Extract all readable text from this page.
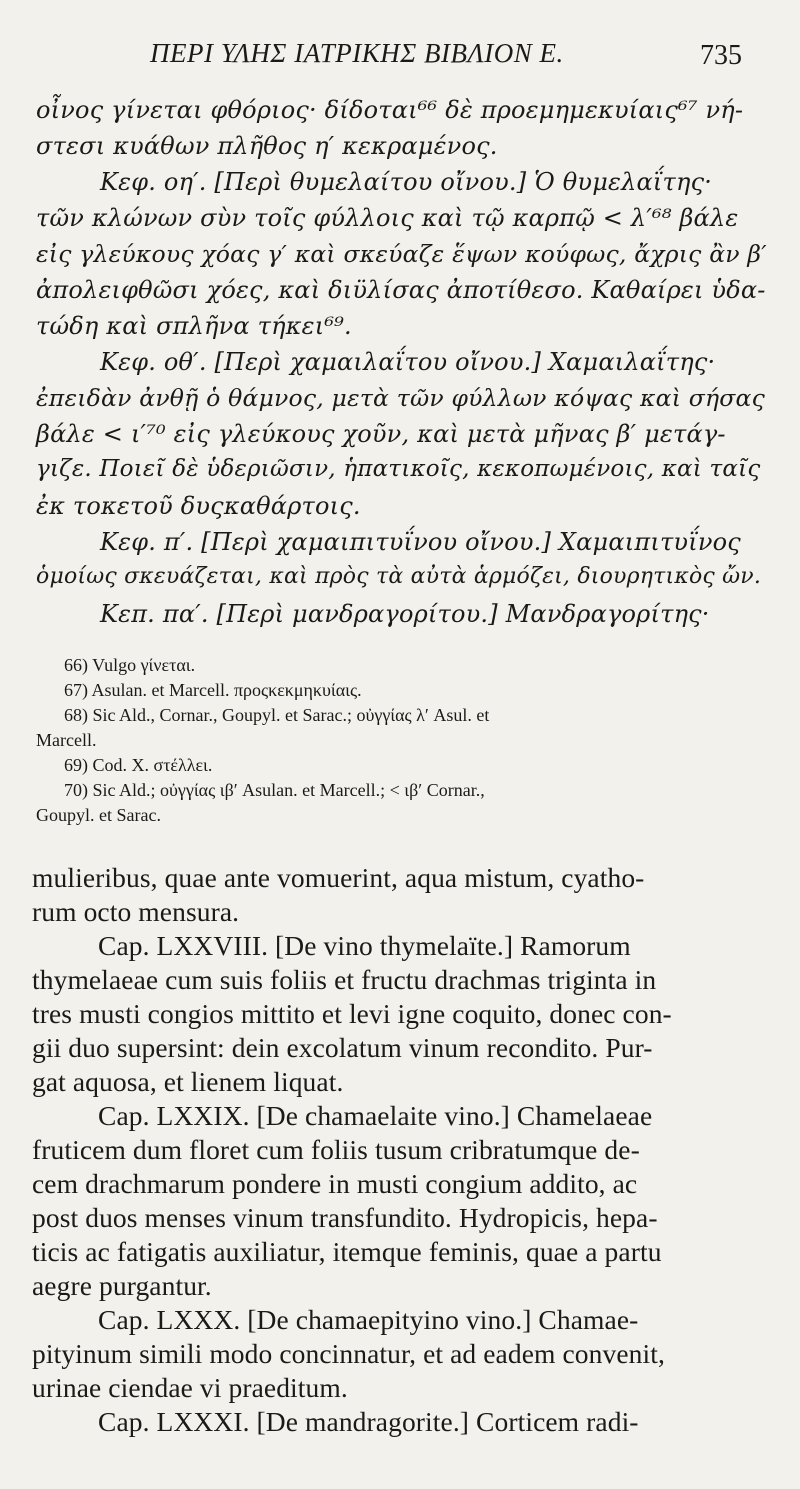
ΠΕΡΙ ΥΛΗΣ ΙΑΤΡΙΚΗΣ ΒΙΒΛΙΟΝ Ε.	735
οἶνος γίνεται φθόριος· δίδοται⁶⁶ δὲ προεμημεκυίαις⁶⁷ νή-
στεσι κυάθων πλῆθος η′ κεκραμένος.
Κεφ. οη′. [Περὶ θυμελαίτου οἴνου.] Ὁ θυμελαΐτης·
τῶν κλώνων σὺν τοῖς φύλλοις καὶ τῷ καρπῷ < λ′⁶⁸ βάλε
εἰς γλεύκους χόας γ′ καὶ σκεύαζε ἕψων κούφως, ἄχρις ἂν β′
ἀπολειφθῶσι χόες, καὶ διϋλίσας ἀποτίθεσο. Καθαίρει ὑδα-
τώδη καὶ σπλῆνα τήκει⁶⁹.
Κεφ. οθ′. [Περὶ χαμαιλαΐτου οἴνου.] Χαμαιλαΐτης·
ἐπειδὰν ἀνθῇ ὁ θάμνος, μετὰ τῶν φύλλων κόψας καὶ σήσας
βάλε < ι′⁷⁰ εἰς γλεύκους χοῦν, καὶ μετὰ μῆνας β′ μετάγ-
γιζε. Ποιεῖ δὲ ὑδεριῶσιν, ἡπατικοῖς, κεκοπωμένοις, καὶ ταῖς
ἐκ τοκετοῦ δυςκαθάρτοις.
Κεφ. π′. [Περὶ χαμαιπιτυΐνου οἴνου.] Χαμαιπιτυΐνος
ὁμοίως σκευάζεται, καὶ πρὸς τὰ αὐτὰ ἁρμόζει, διουρητικὸς ὤν.
Κεπ. πα′. [Περὶ μανδραγορίτου.] Μανδραγορίτης·
66) Vulgo γίνεται.
67) Asulan. et Marcell. προςκεκμηκυίαις.
68) Sic Ald., Cornar., Goupyl. et Sarac.; οὐγγίας λ′ Asul. et
Marcell.
69) Cod. X. στέλλει.
70) Sic Ald.; οὐγγίας ιβ′ Asulan. et Marcell.; < ιβ′ Cornar.,
Goupyl. et Sarac.
mulieribus, quae ante vomuerint, aqua mistum, cyatho-
rum octo mensura.
Cap. LXXVIII. [De vino thymelaïte.] Ramorum
thymelaeae cum suis foliis et fructu drachmas triginta in
tres musti congios mittito et levi igne coquito, donec con-
gii duo supersint: dein excolatum vinum recondito. Pur-
gat aquosa, et lienem liquat.
Cap. LXXIX. [De chamaelaite vino.] Chamelaeae
fruticem dum floret cum foliis tusum cribratumque de-
cem drachmarum pondere in musti congium addito, ac
post duos menses vinum transfundito. Hydropicis, hepa-
ticis ac fatigatis auxiliatur, itemque feminis, quae a partu
aegre purgantur.
Cap. LXXX. [De chamaepityino vino.] Chamae-
pityinum simili modo concinnatur, et ad eadem convenit,
urinae ciendae vi praeditum.
Cap. LXXXI. [De mandragorite.] Corticem radi-
